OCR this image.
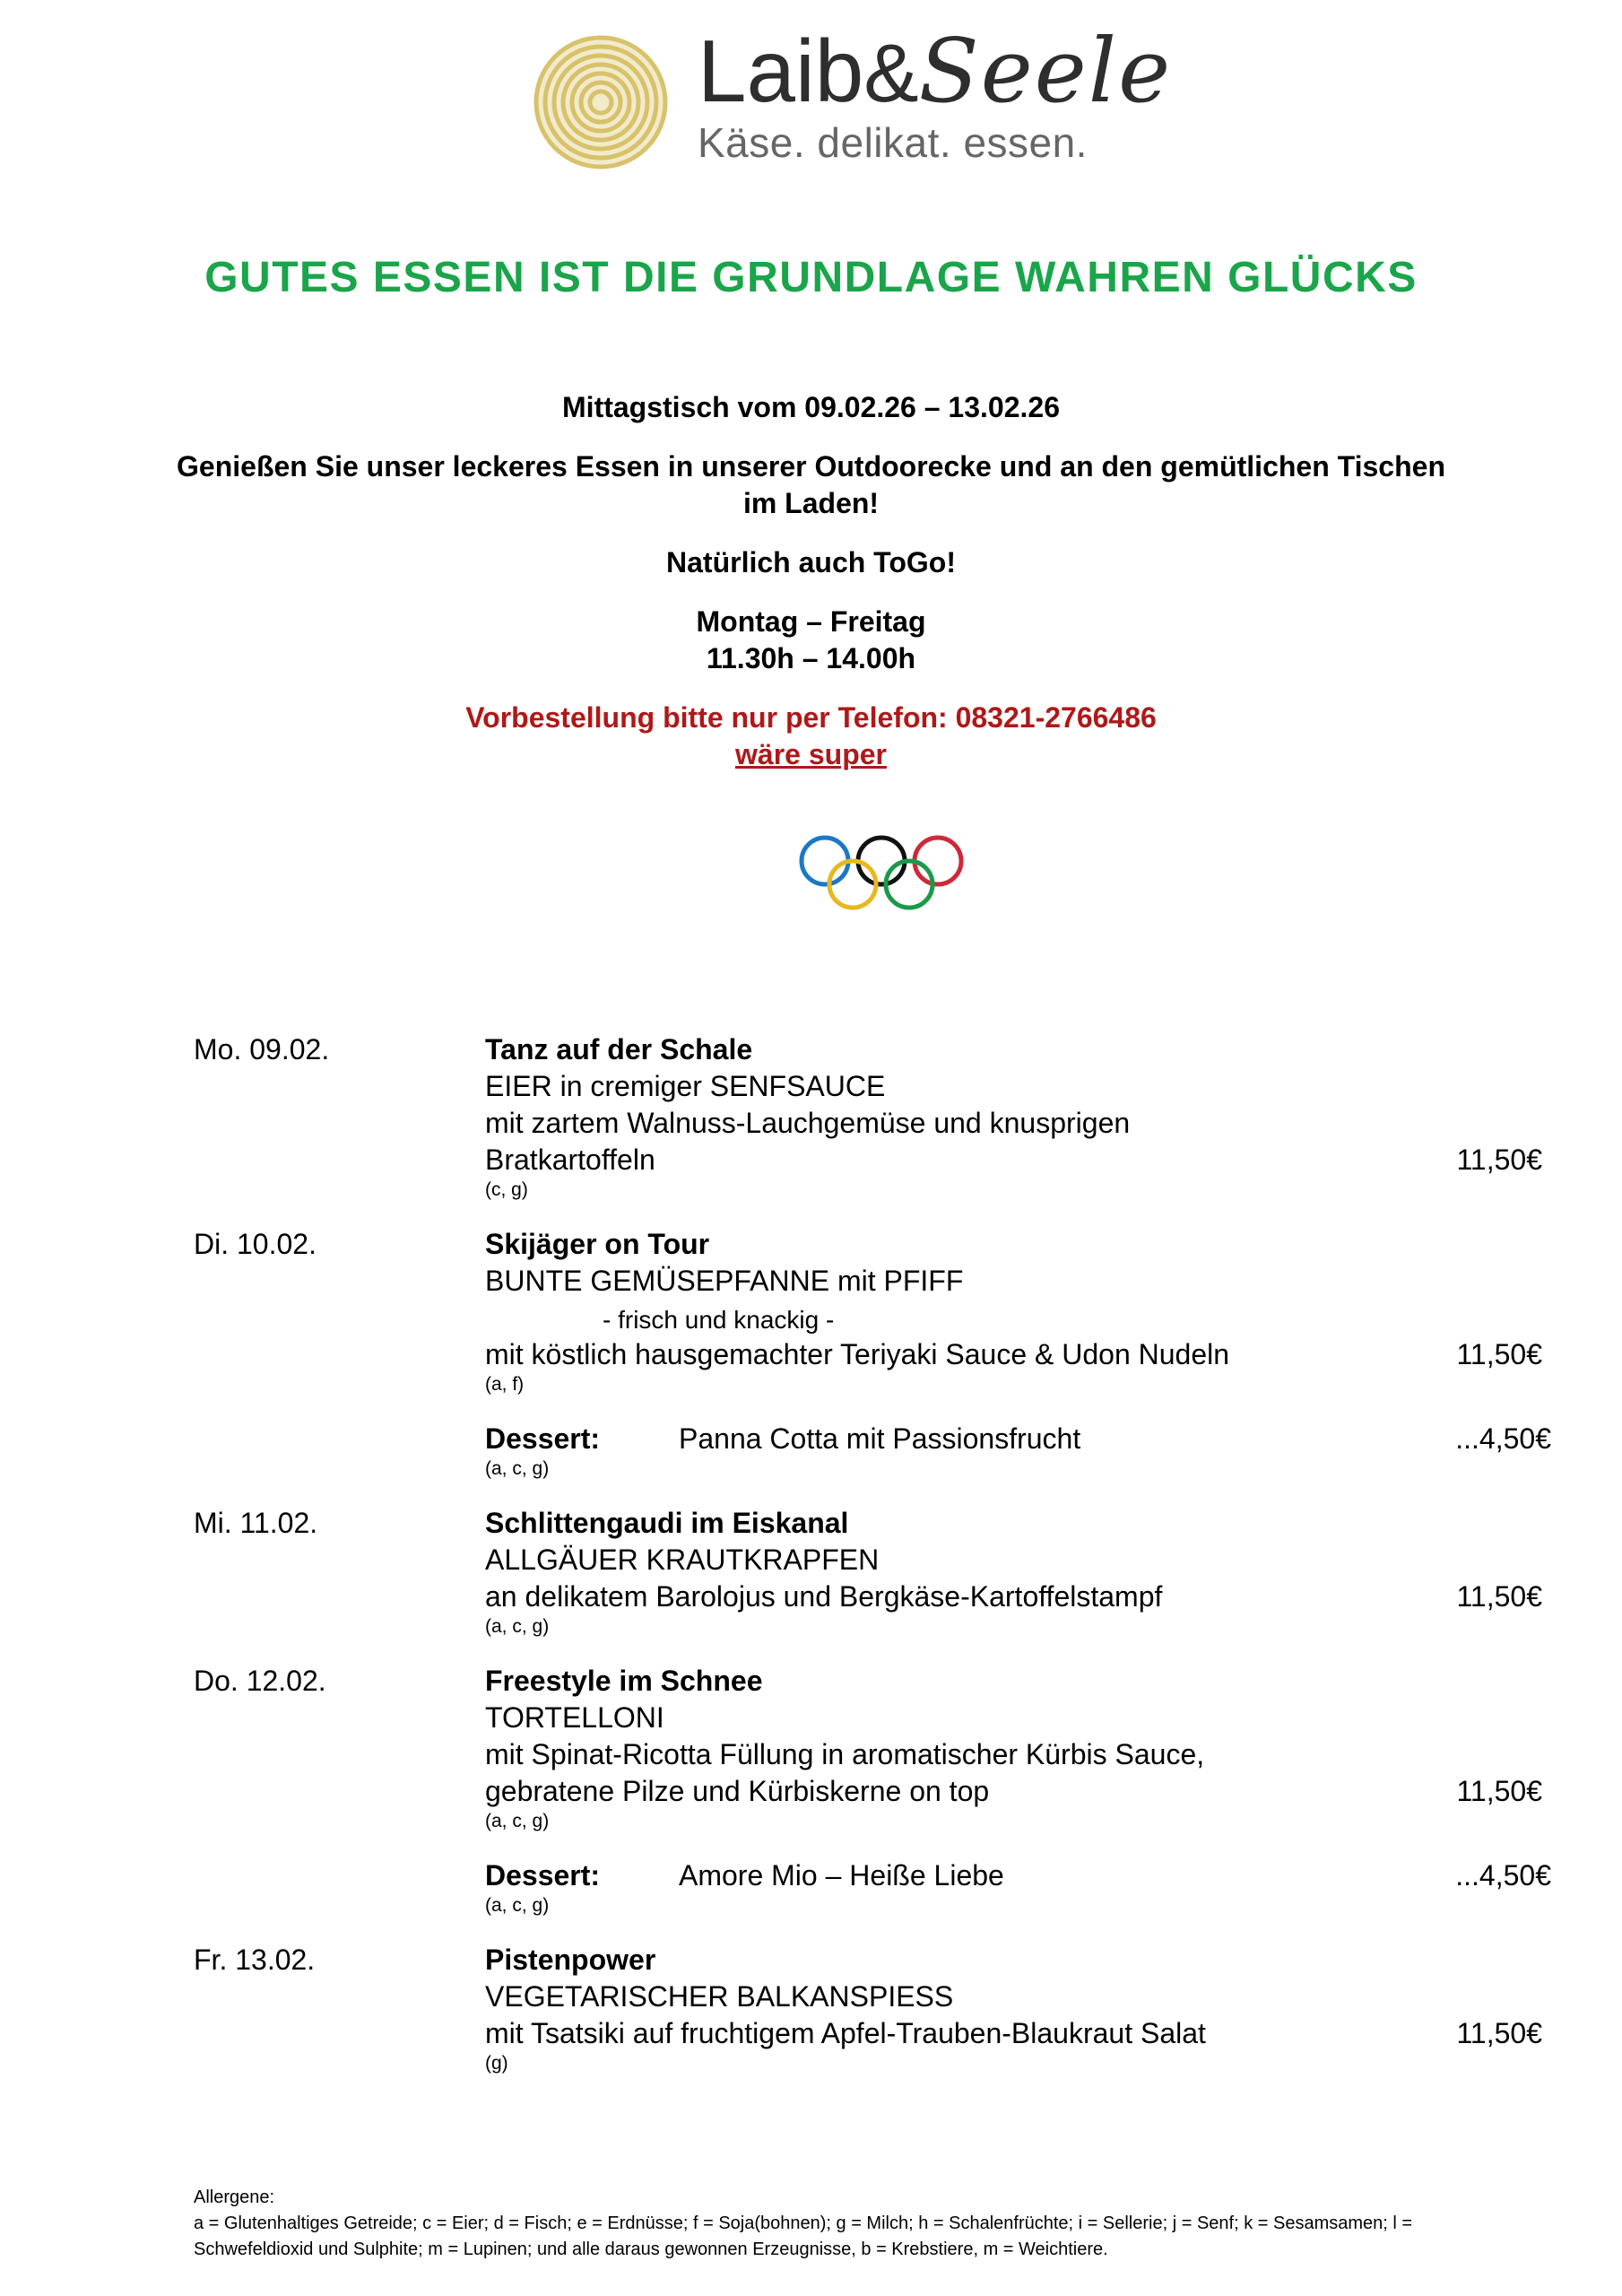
Laib&Seele
Käse. delikat. essen.
GUTES ESSEN IST DIE GRUNDLAGE WAHREN GLÜCKS
Mittagstisch vom 09.02.26 – 13.02.26
Genießen Sie unser leckeres Essen in unserer Outdoorecke und an den gemütlichen Tischen
im Laden!
Natürlich auch ToGo!
Montag – Freitag
11.30h – 14.00h
Vorbestellung bitte nur per Telefon: 08321-2766486
wäre super
Mo. 09.02.	Tanz auf der Schale
EIER in cremiger SENFSAUCE
mit zartem Walnuss-Lauchgemüse und knusprigen
Bratkartoffeln	11,50€
(c, g)
Di. 10.02.	Skijäger on Tour
BUNTE GEMÜSEPFANNE mit PFIFF
- frisch und knackig -
mit köstlich hausgemachter Teriyaki Sauce & Udon Nudeln	11,50€
(a, f)
Dessert:	Panna Cotta mit Passionsfrucht	...4,50€
(a, c, g)
Mi. 11.02.	Schlittengaudi im Eiskanal
ALLGÄUER KRAUTKRAPFEN
an delikatem Barolojus und Bergkäse-Kartoffelstampf	11,50€
(a, c, g)
Do. 12.02.	Freestyle im Schnee
TORTELLONI
mit Spinat-Ricotta Füllung in aromatischer Kürbis Sauce,
gebratene Pilze und Kürbiskerne on top	11,50€
(a, c, g)
Dessert:	Amore Mio – Heiße Liebe	...4,50€
(a, c, g)
Fr. 13.02.	Pistenpower
VEGETARISCHER BALKANSPIESS
mit Tsatsiki auf fruchtigem Apfel-Trauben-Blaukraut Salat	11,50€
(g)
Allergene:
a = Glutenhaltiges Getreide; c = Eier; d = Fisch; e = Erdnüsse; f = Soja(bohnen); g = Milch; h = Schalenfrüchte; i = Sellerie; j = Senf; k = Sesamsamen; l =
Schwefeldioxid und Sulphite; m = Lupinen; und alle daraus gewonnen Erzeugnisse, b = Krebstiere, m = Weichtiere.
